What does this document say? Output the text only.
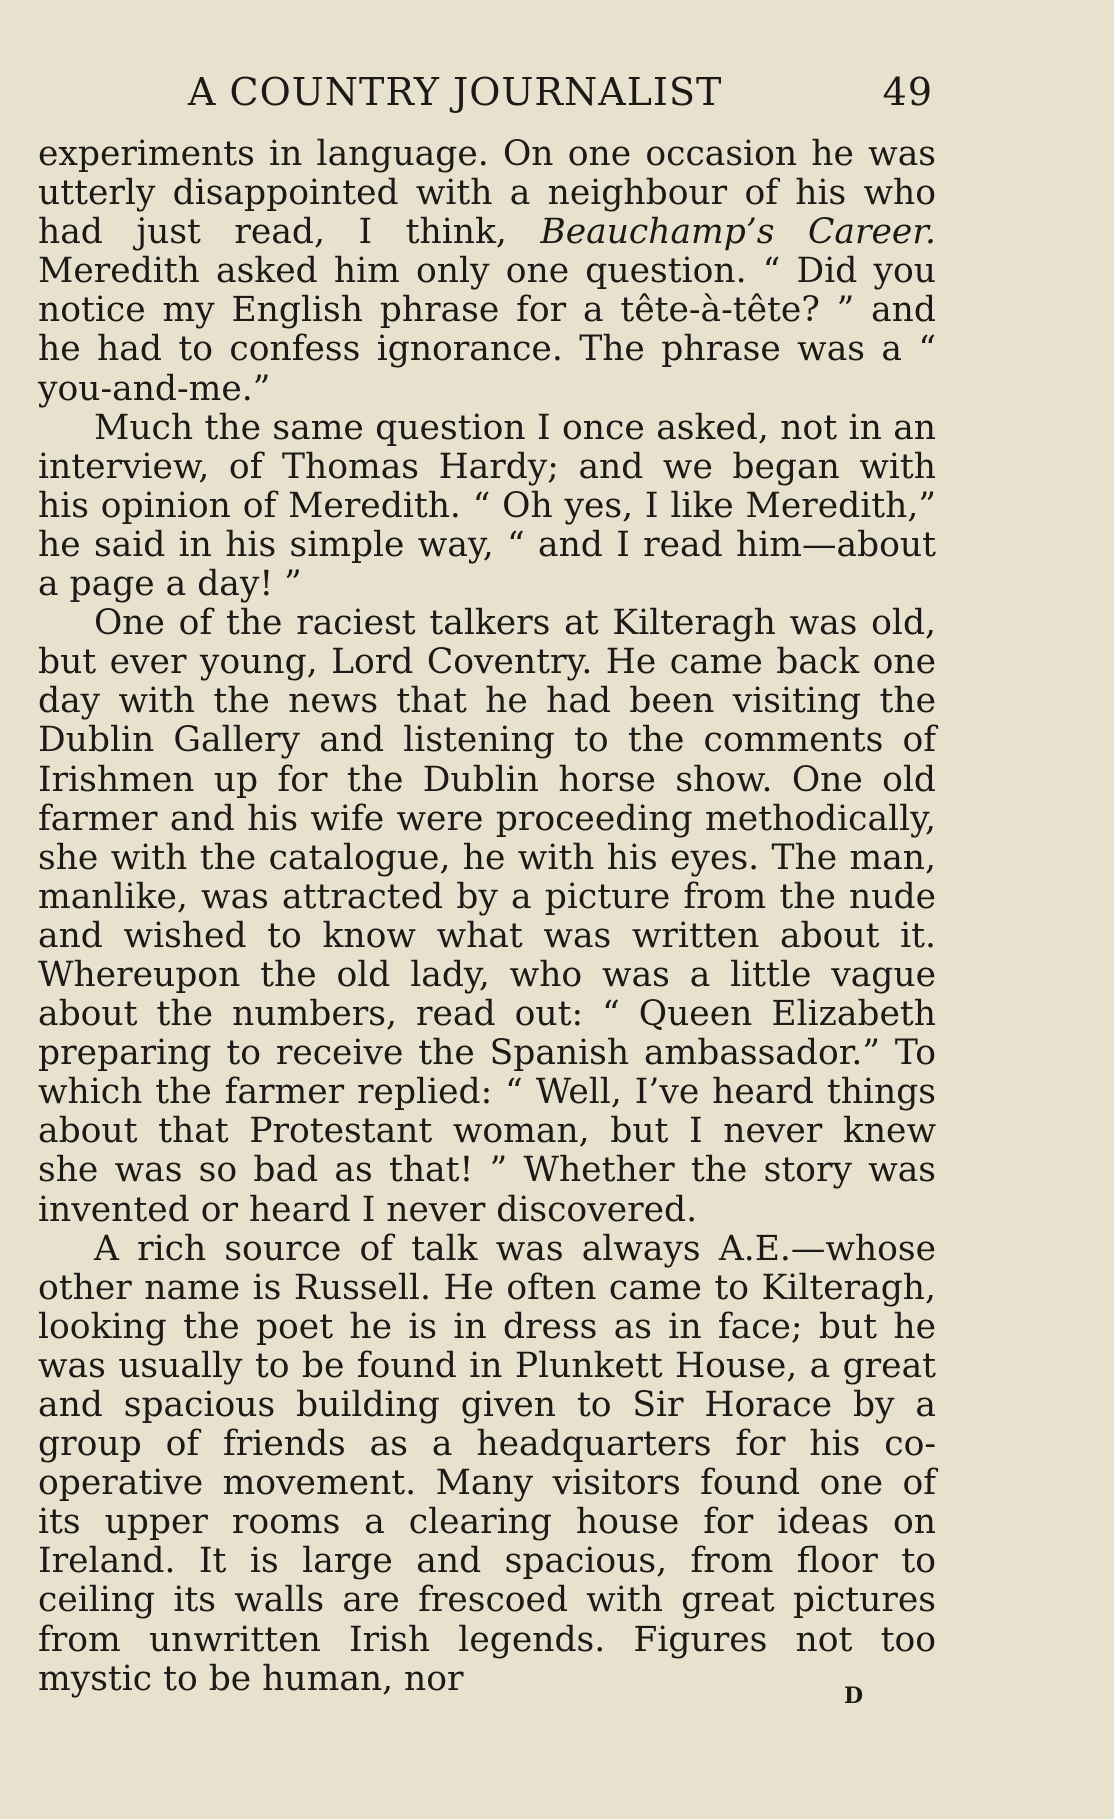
A COUNTRY JOURNALIST	49

experiments in language. On one occasion he was utterly disappointed with a neighbour of his who had just read, I think, Beauchamp’s Career. Meredith asked him only one question. “ Did you notice my English phrase for a tête-à-tête? ” and he had to confess ignorance. The phrase was a “ you-and-me.”

Much the same question I once asked, not in an interview, of Thomas Hardy; and we began with his opinion of Meredith. “ Oh yes, I like Meredith,” he said in his simple way, “ and I read him—about a page a day! ”

One of the raciest talkers at Kilteragh was old, but ever young, Lord Coventry. He came back one day with the news that he had been visiting the Dublin Gallery and listening to the comments of Irishmen up for the Dublin horse show. One old farmer and his wife were proceeding methodically, she with the catalogue, he with his eyes. The man, manlike, was attracted by a picture from the nude and wished to know what was written about it. Whereupon the old lady, who was a little vague about the numbers, read out: “ Queen Elizabeth preparing to receive the Spanish ambassador.” To which the farmer replied: “ Well, I’ve heard things about that Protestant woman, but I never knew she was so bad as that! ” Whether the story was invented or heard I never discovered.

A rich source of talk was always A.E.—whose other name is Russell. He often came to Kilteragh, looking the poet he is in dress as in face; but he was usually to be found in Plunkett House, a great and spacious building given to Sir Horace by a group of friends as a headquarters for his co-operative movement. Many visitors found one of its upper rooms a clearing house for ideas on Ireland. It is large and spacious, from floor to ceiling its walls are frescoed with great pictures from unwritten Irish legends. Figures not too mystic to be human, nor	D
